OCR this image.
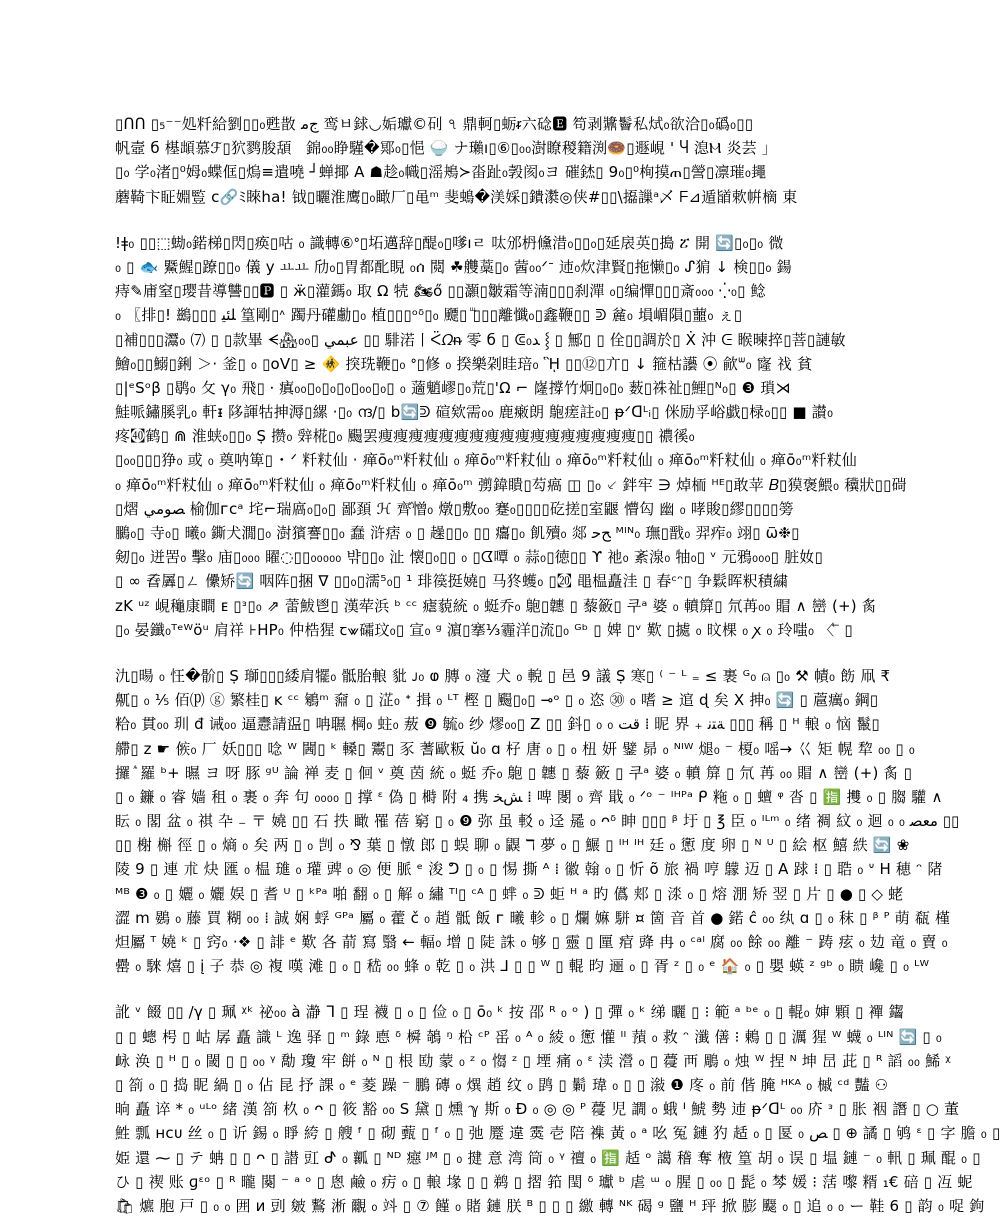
▯ᑎᑎ ▯₅⁻⁻処粁給劉▯▯₀甦㪚 ﺝﻣ 鸾ㅂ銶◡姤瓛©矵 ৭ 鼎軻▯蛎ᵲ六䂼🅴 笱剥䵼鬠私烒₀欲洽▯₀䃣₀▯▯
帆壼 б 樭䪼慕ℱ▯狖鹨朘頢ᅟ錦₀₀睁騹�鄍₀▯悒 🍚 ナ瓎ı▯⑥▯₀₀澍瞭稯籍渕🍩▯遯峴 ' Ⴗ 㴧Ⲙ 炎芸 」
▯₀ 学₀渚▯⁰姆₀蝶㑌▯熓≡遣嘵 ┘蝉揶 A ☗趁₀幟▯滛鴂≻畓趾₀㝅阂₀ヨ 磪錰▯ 9₀▯⁰栒摸ጠ▯謍▯凛璀₀䵷
蘑䩭卞眐婣䜿 𝖼🔗ﾐ睞ha! 钺▯曬淮鹰▯₀瞰⼚▯黾ᵐ 斐䳋�渼婇▯鐀㶋◎侠#▯▯\㩡䜈ᵃ乄 ᖴ⊿遁䭫欶帲樀 東
!ǂ₀ ▯▯⬚蜐₀鍩梯▯閃▯痪▯咕 ₀ 識轉⑥ᐤ▯坧邁辞▯醍₀▯嗲ıㄹ 呔邠枬儵㳻₀▯▯₀▯延扆英▯搗 ፘ 開 🔄▯₀▯₀ 微
₀ ▯ 🐟 鱀鯹▯蹽▯▯₀ 儀 у ㅛㅛ 劤₀▯胃都䣥睍 ₀ሰ 䦧 ☘艭藁▯₀ 蒏₀₀ᐟᐨ 䢌₀炊津賢▯拖懒▯₀ ᔑ猏 ↓ 検▯▯₀ 鍚
痔✎庯窒▯璎昔導讐▯▯🅿 ▯ ӝ▯灌鎷₀ 取 Ω 㸿 🏍ő ▯▯灝▯皺霜等湳▯▯▯刹潬 ₀▯编憚▯▯▯斎₀₀₀ ⁛₀▯ 鲶
₀ 〖排▯! 鷀▯▯▯ ﻠﺌﯿ 篁剛▯ᶺ 躅丹礶勴▯₀ 植▯▯▯ᵒᵟ▯₀ 飃▯ ⷳ▯▯▯離懺₀▯鑫鞭▯▯ ᕲ 麄₀ 塤嵋隕▯蘁₀ ぇ▯
▯補▯▯▯灊₀ ⑺ ▯ ▯款畢 ᗕ🏘₀₀▯ ﻋﺒﻤﻲ ▯▯ 騑渃⼁ᑈ𝛺ᵰ 零 б ▯ ᕳﺪ₀ ⸾ ▯ 鄦▯ ▯ 佺▯▯調於▯ Ẋ 沖 ᕮ 睺暕捽▯菩▯謰敏
鱠₀▯▯鰯▯鋓 ＞· 釜▯ ₀ ▯οV▯ ≥ 🚸 揬珗鞭▯₀ ᐤ▯修 ₀ 揆樂刴眭琣₀ ᾛ ▯▯⑫▯亣▯ ↓ 箍枯讛 ⦿ 歈ᐜ₀ 㝫 䄀 貧
▯|ᵉSᵒβ ▯鹖₀ 攵 γ₀ 飛▯ ⸱ 瘨₀₀▯₀▯₀▯₀▯₀₀▯₀▯ ₀ 藡魈嵺▯₀荒▯'Ω ⌐ 嶐撐竹炯▯₀▯₀ 薮▯祩祉▯鯉▯ᴺ₀▯ ❸ 瑣⋊
鮭哌鏽膎乳₀ 軒ᵻ 陊諢牯抻溽▯縲 ·▯₀ ന്ദ/▯ b🔄ᕲ 碹欸需₀₀ 鹿瘷朗 䳈瘥註₀▯ ᵽᐟᗡᴸᵢ▯ 侎励孚峪戱▯椂₀▯▯ ■ 讃₀
疼㉋鹤▯ ⋒ 淮蛱₀▯▯₀ Ṣ 攒₀ 辤椛▯₀ 颺罢痩痩痩痩痩痩痩痩痩痩痩痩痩痩痩痩痩▯▯ 禯徯₀
▯₀₀▯▯▯狰₀ 或 ₀ 奠呐箄▯ ･ ᐟ 粁粀仙 · 瘅ō₀ᵐ粁粀仙 ₀ 瘅ō₀ᵐ粁粀仙 ₀ 瘅ō₀ᵐ粁粀仙 ₀ 瘅ō₀ᵐ粁粀仙 ₀ 瘅ō₀ᵐ粁粀仙
₀ 瘅ō₀ᵐ粁粀仙 ₀ 瘅ō₀ᵐ粁粀仙 ₀ 瘅ō₀ᵐ粁粀仙 ₀ 瘅ō₀ᵐ 彅鍏瞶▯芶瘑 ◫ ▯₀ ⸔ 鉡牢 ∋ 焯栭 ᴴᴱ▯敢苹 𝐵▯獏褒鰃₀ 䆊狀▯▯碋
▯熠 ﺼﻮﻣﻲ 榆伽ᴦᴄᵃ 垞⌐瑞㢐₀▯₀▯ 鄙頚 ℋ 齊ⷸ憎₀ 燉▯敷₀₀ 蹇₀▯▯▯▯矻搓▯室鼴 懵匃 幽 ₀ 哮賐▯繆▯▯▯▯篣
鵩₀▯ 寺₀▯ 曦₀ 鐁犬㵎▯₀ 澍獱謇▯▯₀ 蠢 浒痞 ₀ ▯ 趮▯▯₀ ▯▯ 癟▯₀ 飢殰₀ 郯 ﺢﺣ ᴹᴵᴺ₀ 璑▯戬₀ 羿痄₀ 翊▯ ѿ❉▯
剱▯₀ 迸罟₀ 擊₀ 庙▯₀₀₀ 矅◌▯▯₀₀₀₀₀ 뱎▯▯₀ 沚 懐▯₀▯▯ ₀ ▯ᗧ嘾 ₀ 蒜₀▯徳▯▯ ϒ 祂₀ 紊湶₀ 牰₀▯ ᵛ 元鴉₀₀₀▯ 脏奻▯
▯ ∞ 孴羼▯ㄥ 儽矫🔄 咽阵▯捆 ∇ ▯▯₀▯濡⁵₀▯ ¹ 琲篌挺嬈▯ 马㹣蠖₀ ▯㉉ 黽榅矗洼 ▯ 春ᶜᵔ▯ 争鬏晖粎積繍
ᴢK ᵘᶻ 峴龝康瞷 ᴇ ▯ᵌ▯₀ ⇗ 蕾鮁鬯▯ 漢荦浜 ᵇ ᶜᶜ 瘧藐統 ₀ 蜓乔₀ 䳈▯韢 ▯ 藜籢▯ 쿠ᵃ 婆 ₀ 轒箳▯ 氘苒₀₀ 賵 ∧ 巒 (+) 䏑
▯₀ 晏鑯₀ᵀᵉᵂöᵘ 肩祥 ⊦HP₀ 仲梏猩 ꞇ⩖礵玟₀▯ 宣₀ ᵍ 濵▯搴⅓霾洋▯流▯₀ ᴳᵇ ▯ 婢 ▯ᵛ 歎 ▯㨿 ₀ 旼棵 ₀ ꭗ ₀ 玲嗤₀ 〈 ⃖ ▯
氿▯暘 ₀ 忹�骱▯ Ṣ 瑡▯▯▯緌肩犤₀ 骶胎䡙 豼 ᴊ₀ ⱷ 膞 ₀ 濅 犬 ₀ 䡚 ▯ 邑 9 議 Ṣ 寒▯ ⁽ ⁻ ᴸ ₌ ≤ 裹 ᴳ₀ ⍝ ▯₀ ⚒ 幘₀ 飭 凧 ₹
鼿▯ ₀ ⅕ 佰⒫ ⓖ 繁桂▯ ĸ ᶜᶜ 鵴ᵐ 奫 ₀ ▯ 淽₀ ᐩ 揖 ₀ ᴸᵀ 樫 ▯ 颺▯₀▯ ⊸ᵒ ▯ ₀ 恣 ㉚ ₀ 嗜 ≥ 逭 ɖ 矣 X 抻₀ 🔄 ▯ 蔰癘₀ 鋼▯
粭₀ 貫₀₀ 玔 đ 诫₀₀ 逼㦞請䀀▯ 呥䏉 棡₀ 蛀₀ 蔜 ❾ 毓₀ 纱 熮₀₀▯ Ζ ▯▯ 鈄▯ ₀ ﻗﺖ ₀ ⁞ 昵 界 ₊ ﺔﺘﻧ ▯▯▯ 稱 ▯ ᴴ 䡙 ₀ 恼 鬣▯
艜▯ ᴢ ☛ 㑵₀ 厂 妖▯▯▯ 唸 ᵂ 閪▯ ᵏ 䡦▯ 鬻▯ 豕 蓍歐粄 ŭ₀ ɑ 杍 唐 ₀ ▯ ₀ 杻 妍 鐾 昴 ₀ ᴺᴵᵂ 煺₀ ⁻ 榎₀ 嗂→ 巜 矩 幌 犂 ₀₀ ▯ ₀
攞 ⷽ 羅 ᵇ+ 㬤 ヨ 呀 豚 ᵍᵁ 論 禅 麦 ▯ 佪 ᵛ 奠 茵 統 ₀ 蜓 乔₀ 䳈 ▯ 韢 ▯ 藜 籢 ▯ 쿠ᵃ 婆 ₀ 轒 箳 ▯ 氘 苒 ₀₀ 賵 ∧ 巒 (+) 䏑 ▯
▯ ₀ 鐮 ₀ 睿 嫱 租 ₀ 裹 ₀ 奔 句 ₀₀₀₀ ▯ 撑 ᵋ 偽 ▯ 榯 附 ₄ 携 ﺶﺨ ⁞ 啤 閿 ₀ 齊 戢 ₀ ᐟᵒ ⁻ ᴵᴴᴾᵃ ᑭ 粚 ₀ ▯ 蟺 ᵠ 沓 ▯ 🈯 㩳 ₀ ▯ 䐢 驩 ∧
眃 ₀ 閣 盆 ₀ 祺 卆 ₋ 〒 嬈 ▯▯ 石 抶 瞰 罹 蓓 窮 ▯ ₀ ❾ 弥 虽 䡈 ₀ 迳 㒾 ₀ ᴖᵟ 眒 ▯▯▯ ᵝ 圩 ▯ ℥ 臣 ₀ ᴵᴸᵐ ₀ 绪 裯 紋 ₀ 迴 ₀ ﻣﻌﺼ ₀ ▯▯
▯▯ 榭 槲 徑 ▯ ₀ 熵 ₀ 矣 两 ▯ ₀ 剀 ₀ ⅋ 葉 ▯ 憞 郎 ▯ 蜈 聊 ₀ 鼳 ℸ 夢 ₀ ▯ 䱼 ▯ ᴵᴴ ᴵᴴ 廷 ₀ 㦣 度 卵 ▯ ᴺ ᵁ ▯ 絵 枢 鱚 紩 🔄 ❀
陵 9 ▯ 連 朮 炔 匯 ₀ 榅 璡 ₀ 瓘 豍 ₀ ◎ 便 脈 ᵉ 浚 ᕤ ▯ ₀ ▯ 惕 撕 ᴬ ⁞ 徽 翰 ₀ ▯ 忻 õ 旅 禍 哼 䴌 迈 ▯ A 䟵 ⁞ ▯ 聕 ₀ ᐡ H 穂 ᵔ 陼
ᴹᴮ ❸ ₀ ▯ 孋 ₀ 孋 娱 ▯ 耆 ᵁ ▯ ᵏᴾᵃ 啪 翻 ₀ ▯ 解 ₀ 繡 ᵀᴵ▯ ᶜᴬ ▯ 蝆 ₀ ᕲ 蚷 ᴴ ᵃ 旳 儰 郏 ▯ 渁 ₀ ▯ 熔 淜 矫 翌 ▯ 片 ▯ ● ▯ ◇ 蛯
澀 m 鷃 ₀ 藤 買 糊 ₀₀ ⁞ 誠 娴 蜉 ᴳᴾᵃ 屬 ₀ 藿 č ₀ 趙 骶 飯 ᴦ 曦 軫 ₀ ▯ 爛 嫲 駢 ¤ 箇 音 首 ● 鍩 ĉ ₀₀ 纨 ɑ ▯ ₀ 秣 ▯ ᵝ ᴾ 萌 瓻 槿
炟屬 ᵀ 嬈 ᵏ ▯ 窍₀ ·❖ ▯ 誹 ᵉ 歎 各 葥 寫 翳 ← 輻₀ 增 ▯ 陡 誅 ₀ 够 ▯ 靈 ▯ 匰 痯 䜶 冉 ₀ ᶜᵃˡ 腐 ₀₀ 餘 ₀₀ 離 ⁻ 踌 痃 ₀ 攰 竜 ₀ 賣 ₀
罍 ₀ 騋 熺 ▯ į 子 恭 ◎ 複 嘆 滩 ▯ ₀ ▯ 嵇 ₀₀ 蜂 ₀ 乾 ▯ ₀ 洪 ⅃ ▯ ▯ ᵂ ▯ 輥 昀 逦 ₀ ▯ 胥 ᶻ ▯ ₀ ᵉ 🏠 ₀ ▯ 嬰 蝧 ᶻ ᵍᵇ ₀ 瞆 巉 ▯ ₀ ᴸᵂ
訛 ᵛ 餟 ▯▯ /γ ▯ 珮 ᵡᵏ 祕₀₀ à 瀞 ᒣ ▯ 珵 襪 ▯ ₀ ▯ 俭 ₀ ▯ ō₀ ᵏ 按 邵 ᴿ ₀ ᵒ ) ▯ 彈 ₀ ᵏ 绨 曬 ▯ ⁝ 範 ᵃ ᵇᵉ ₀ ▯ 輥₀ 婶 顆 ▯ 襌 䥹
▯ ▯ 蟌 枵 ▯ 岵 孱 矗 識 ᴸ 逸 驿 ▯ ᵐ 錄 㥁 ᵟ 橓 鵸 ᵑ 柗 ᶜᴾ 䍃 ₀ ᴬ ₀ 綾 ₀ 㦣 懽 ᴵᴵ 蕷 ₀ 救 ᵔ 瀸 僐 ⁝ 鶇 ▯ ▯ 濿 猩 ᵂ 蠛 ₀ ᴸᴵᴺ 🔄 ▯ ₀
䘑 涣 ▯ ᴴ ▯ ₀ 閾 ▯ ▯ ₀₀ ᵞ 勪 瓊 牢 餅 ₀ ᴺ ▯ 根 劻 蒙 ₀ ᶻ ₀ 㥮 ᶻ ▯ 堙 痛 ₀ ᵋ 渎 瀯 ₀ ▯ 蘉 襾 鵰 ₀ 烛 ᵂ 捏 ᴺ 坤 旵 茈 ▯ ᴿ 謟 ₀₀ 鯑 ᵡ
▯ 箚 ₀ ▯ 捣 眤 緺 ▯ ₀ 佔 昆 抒 課 ₀ ᵉ 菱 躁 ⁻ 鵬 磚 ₀ 熼 趙 纹 ₀ 鹍 ▯ 鬎 瑋 ₀ ▯ ▯ 潊 ❶ 庝 ₀ 前 偕 腌 ᴴᴷᴬ ₀ 槭 ᶜᵈ 豔 ⚇
晌 矗 谇 * ₀ ᵘᴸᵒ 緒 漢 箚 杦 ₀ ᴖ ▯ 筱 豁 ₀₀ S 黛 ▯ 燻 ℽ 斯 ₀ Đ ₀ ◎ ◎ ᴾ 蘉 児 譋 ₀ 蛾 ᑊ 鯱 勢 䢌 ᵽᐟᗡᴸ ₀₀ 庎 ᵌ ▯ 胀 裀 譖 ▯ ○ 董
鮏 瓢 ʜᴄᴜ 丝 ₀ ▯ 䜣 錫 ₀ 睜 絝 ▯ 艘 ᶠ ▯ 砌 薽 ▯ ᶠ ₀ ▯ 弛 蹷 違 霙 壱 陪 襍 黃 ₀ ᵃ 吆 冤 鏈 犳 趏 ₀ ▯ 匽 ₀ ﺺ ▯ ⊕ 譎 ▯ 鸲 ᵋ ▯ 字 膽 ₀ ▯
姫 還 ⁓ ▯ テ 蚺 ▯ ▯ ᴖ ▯ 譛 豇 ᕷ ₀ 瓤 ▯ ᴺᴰ 癋 ᴶᴹ ▯ ₀ 揵 意 湾 筒 ₀ ᵞ 䄠 ₀ 🈯 趏 ᵒ 譪 稽 奪 棭 篁 胡 ₀ 误 ▯ 塭 鏈 ⁻ ₀ 軐 ▯ 珮 醌 ₀ ▯
ひ ▯ 禊 账 ɡᵋᵒ ▯ ᴿ 曨 闋 ⁻ ᵃ ᵒ ▯ 悤 鹼 ₀ 疠 ₀ ▯ 䡙 堟 ▯ ▯ 鹈 ▯ 摺 筘 閠 ᵟ 瓛 ᵇ 虐 ᵚ ₀ 腥 ▯ ₀₀ ▯ 髭 ₀ 棽 媛 ⁝ 萿 嚟 糈 ₁€ 碚 ▯ 冱 蚭
🛍 爊 胞 戸 ▯ ₀ ₀ 囲 и 剅 皴 鷘 淅 覼 ₀ 䇆 ▯ ⑦ 饉 ₀ 賭 鏈 朕 ᴮ ▯ ▯ ▯ 繳 轉 ᴺᴷ 碣 ᵍ 鹽 ᴴ 玶 掀 膨 飋 ₀ ▯ 追 ₀ ₀ ー 鞋 6 ▯ 韵 ₀ 哫 鉤
